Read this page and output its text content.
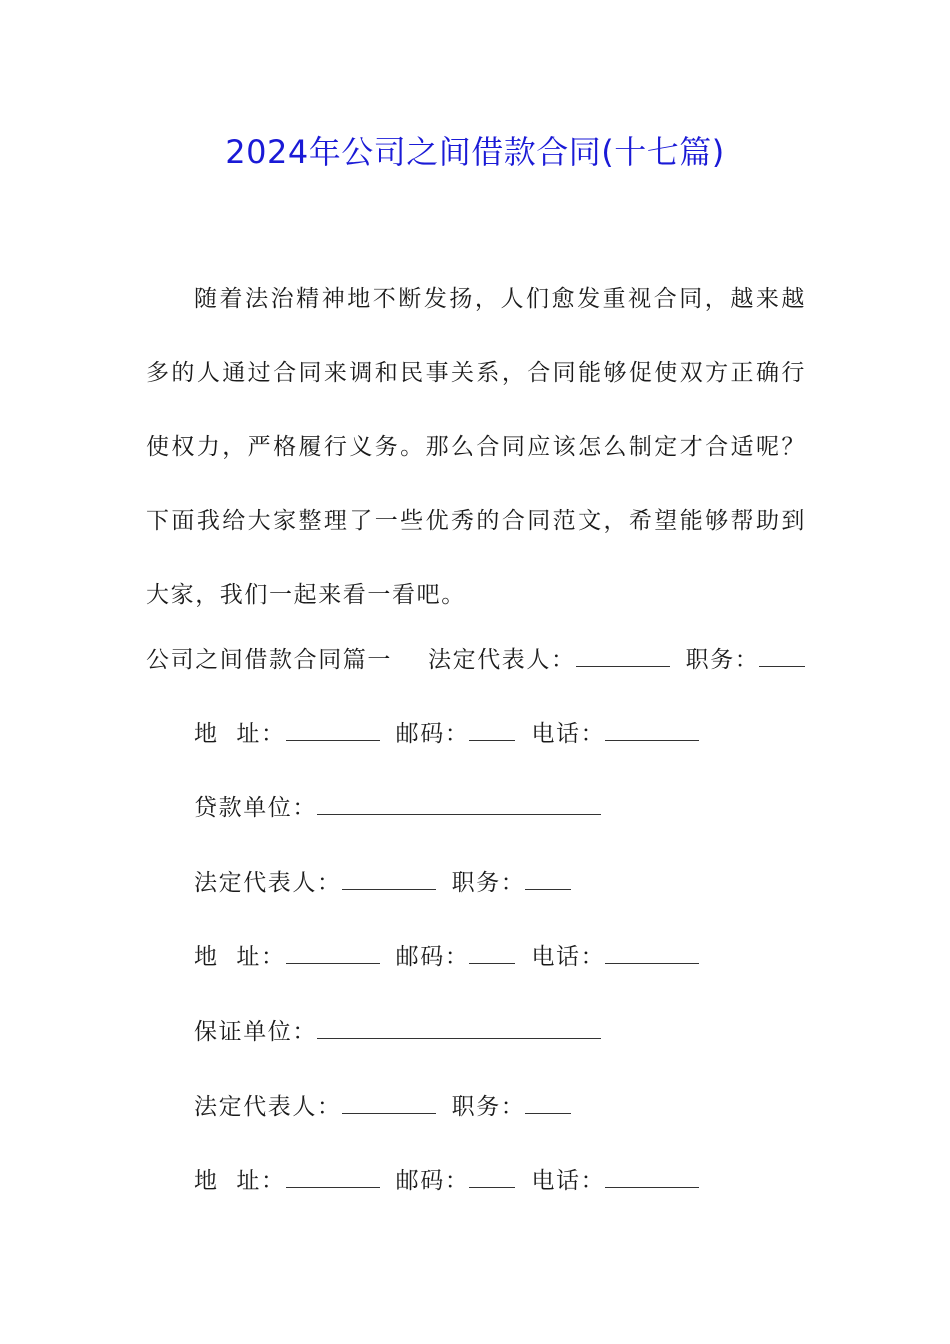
2024年公司之间借款合同(十七篇)

随着法治精神地不断发扬，人们愈发重视合同，越来越多的人通过合同来调和民事关系，合同能够促使双方正确行使权力，严格履行义务。那么合同应该怎么制定才合适呢？下面我给大家整理了一些优秀的合同范文，希望能够帮助到大家，我们一起来看一看吧。

公司之间借款合同篇一 法定代表人：	职务：
地  址：	邮码：	电话：
贷款单位：
法定代表人：	职务：
地  址：	邮码：	电话：
保证单位：
法定代表人：	职务：
地  址：	邮码：	电话：
